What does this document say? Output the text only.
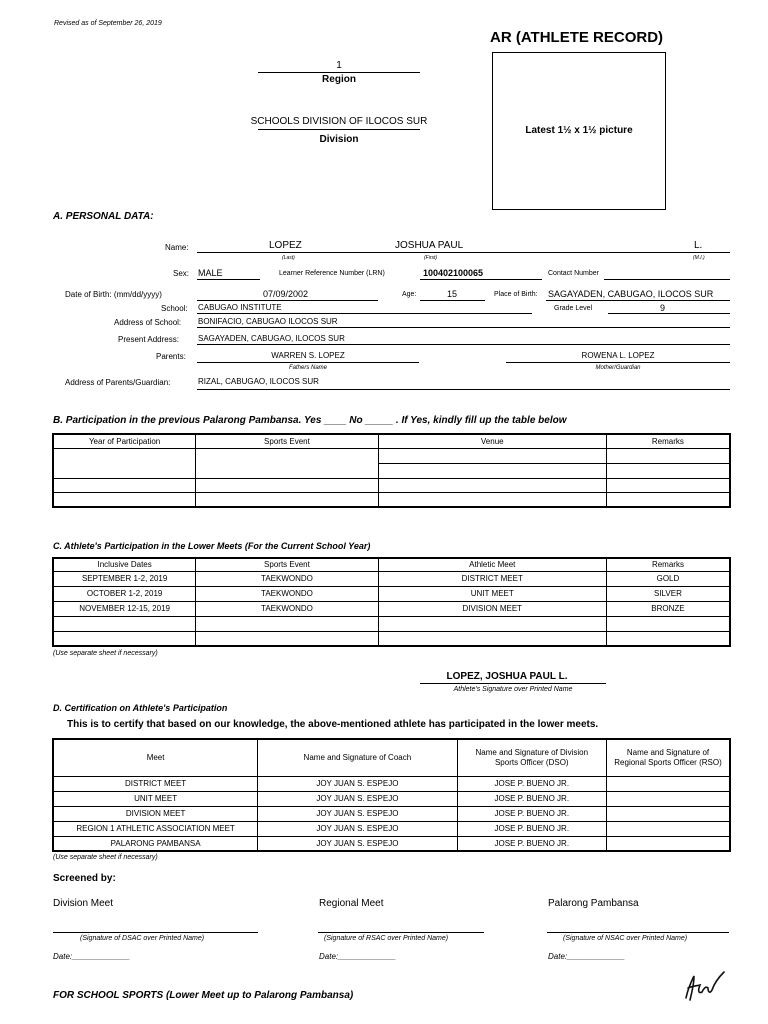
Revised as of September 26, 2019
AR (ATHLETE RECORD)
1
Region
SCHOOLS DIVISION OF ILOCOS SUR
Division
Latest 1½ x 1½ picture
A. PERSONAL DATA:
Name:	LOPEZ	JOSHUA PAUL	L.
(Last)	(First)	(M.I.)
Sex: MALE	Learner Reference Number (LRN)	100402100065	Contact Number
Date of Birth: (mm/dd/yyyy)	07/09/2002	Age:	15	Place of Birth: SAGAYADEN, CABUGAO, ILOCOS SUR
School: CABUGAO INSTITUTE	Grade Level	9
Address of School: BONIFACIO, CABUGAO ILOCOS SUR
Present Address: SAGAYADEN, CABUGAO, ILOCOS SUR
Parents:	WARREN S. LOPEZ	ROWENA L. LOPEZ
Fathers Name	Mother/Guardian
Address of Parents/Guardian:	RIZAL, CABUGAO, ILOCOS SUR
B. Participation in the previous Palarong Pambansa. Yes ____ No _____ . If Yes, kindly fill up the table below
Year of Participation	Sports Event	Venue	Remarks

C. Athlete's Participation in the Lower Meets (For the Current School Year)
Inclusive Dates	Sports Event	Athletic Meet	Remarks
SEPTEMBER 1-2, 2019	TAEKWONDO	DISTRICT MEET	GOLD
OCTOBER 1-2, 2019	TAEKWONDO	UNIT MEET	SILVER
NOVEMBER 12-15, 2019	TAEKWONDO	DIVISION MEET	BRONZE

(Use separate sheet if necessary)
LOPEZ, JOSHUA PAUL L.
Athlete's Signature over Printed Name
D. Certification on Athlete's Participation
This is to certify that based on our knowledge, the above-mentioned athlete has participated in the lower meets.
Meet	Name and Signature of Coach	Name and Signature of Division Sports Officer (DSO)	Name and Signature of Regional Sports Officer (RSO)
DISTRICT MEET	JOY JUAN S. ESPEJO	JOSE P. BUENO JR.	
UNIT MEET	JOY JUAN S. ESPEJO	JOSE P. BUENO JR.	
DIVISION MEET	JOY JUAN S. ESPEJO	JOSE P. BUENO JR.	
REGION 1 ATHLETIC ASSOCIATION MEET	JOY JUAN S. ESPEJO	JOSE P. BUENO JR.	
PALARONG PAMBANSA	JOY JUAN S. ESPEJO	JOSE P. BUENO JR.	
(Use separate sheet if necessary)
Screened by:
Division Meet	Regional Meet	Palarong Pambansa
(Signature of DSAC over Printed Name)	(Signature of RSAC over Printed Name)	(Signature of NSAC over Printed Name)
Date:_____________	Date:_____________	Date:_____________
FOR SCHOOL SPORTS (Lower Meet up to Palarong Pambansa)
